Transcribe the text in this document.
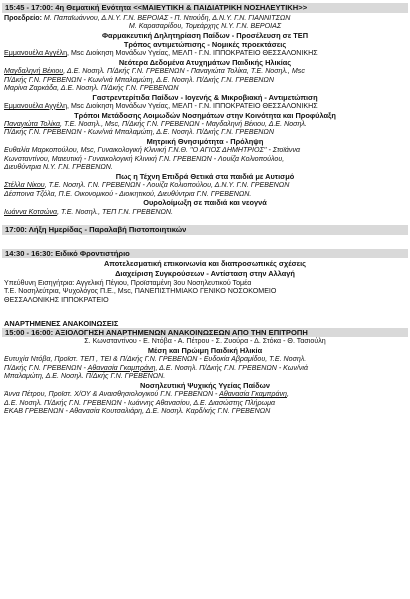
15:45 - 17:00: 4η Θεματική Ενότητα <<ΜΑΙΕΥΤΙΚΗ & ΠΑΙΔΙΑΤΡΙΚΗ ΝΟΣΗΛΕΥΤΙΚΗ>>
Προεδρείο: Μ. Παπαϊωάννου, Δ.Ν.Υ. Γ.Ν. ΒΕΡΟΙΑΣ - Π. Ντιούδη, Δ.Ν.Υ. Γ.Ν. ΓΙΑΝΝΙΤΣΩΝ
Μ. Καρασαρίδου, Τομεάρχης Ν.Υ. Γ.Ν. ΒΕΡΟΙΑΣ
Φαρμακευτική Δηλητηρίαση Παίδων - Προσέλευση σε ΤΕΠ
Τρόπος αντιμετώπισης - Νομικές προεκτάσεις
Εμμανουέλα Αγγέλη, Msc Διοίκηση Μονάδων Υγείας, ΜΕΛΠ - Γ.Ν. ΙΠΠΟΚΡΑΤΕΙΟ ΘΕΣΣΑΛΟΝΙΚΗΣ
Νεότερα Δεδομένα Ατυχημάτων Παιδικής Ηλικίας
Μαγδαληνή Βέκιου, Δ.Ε. Νοσηλ. Π/Δκής Γ.Ν. ΓΡΕΒΕΝΩΝ - Παναγιώτα Τολίκα, Τ.Ε. Νοσηλ., Msc
Π/Δκής Γ.Ν. ΓΡΕΒΕΝΩΝ - Κων/νιά Μπαλαμώτη, Δ.Ε. Νοσηλ. Π/Δκής Γ.Ν. ΓΡΕΒΕΝΩΝ
Μαρίνα Ζαρκάδα, Δ.Ε. Νοσηλ. Π/Δκής Γ.Ν. ΓΡΕΒΕΝΩΝ
Γαστρεντερίτιδα Παίδων - Ιογενής & Μικροβιακή - Αντιμετώπιση
Εμμανουέλα Αγγέλη, Msc Διοίκηση Μονάδων Υγείας, ΜΕΛΠ - Γ.Ν. ΙΠΠΟΚΡΑΤΕΙΟ ΘΕΣΣΑΛΟΝΙΚΗΣ
Τρόποι Μετάδοσης Λοιμωδών Νοσημάτων στην Κοινότητα και Προφύλαξη
Παναγιώτα Τολίκα, Τ.Ε. Νοσηλ., Msc, Π/Δκής Γ.Ν. ΓΡΕΒΕΝΩΝ - Μαγδαληνή Βέκιου, Δ.Ε. Νοσηλ.
Π/Δκής Γ.Ν. ΓΡΕΒΕΝΩΝ - Κων/νιά Μπαλαμώτη, Δ.Ε. Νοσηλ. Π/Δκής Γ.Ν. ΓΡΕΒΕΝΩΝ
Μητρική Θνησιμότητα - Πρόληψη
Ευθαλία Μαρκοπούλου, Msc, Γυναικολογική Κλινική Γ.Ν.Θ. ''Ο ΑΓΙΟΣ ΔΗΜΗΤΡΙΟΣ'' - Στοϊάννα
Κωνσταντίνου, Μαιευτική - Γυναικολογική Κλινική Γ.Ν. ΓΡΕΒΕΝΩΝ - Λουίζα Κολιοπούλου,
Διευθύντρια Ν.Υ. Γ.Ν. ΓΡΕΒΕΝΩΝ.
Πως η Τέχνη Επιδρά Θετικά στα παιδιά με Αυτισμό
Στέλλα Νίκου, Τ.Ε. Νοσηλ. Γ.Ν. ΓΡΕΒΕΝΩΝ - Λουίζα Κολιοπούλου, Δ.Ν.Υ. Γ.Ν. ΓΡΕΒΕΝΩΝ
Δέσποινα Τζόλα, Π.Ε. Οικονομικού - Διοικητικού, Διευθύντρια Γ.Ν. ΓΡΕΒΕΝΩΝ.
Ουρολοίμωξη σε παιδιά και νεογνά
Ιωάννα Κοτσώνα, Τ.Ε. Νοσηλ., ΤΕΠ Γ.Ν. ΓΡΕΒΕΝΩΝ.
17:00: Λήξη Ημερίδας - Παραλαβή Πιστοποιητικών
14:30 - 16:30: Ειδικό Φροντιστήριο
Αποτελεσματική επικοινωνία και διαπροσωπικές σχέσεις
Διαχείριση Συγκρούσεων - Αντίσταση στην Αλλαγή
Υπεύθυνη Εισηγήτρια: Αγγελική Πέγιου, Προϊσταμένη 3ου Νοσηλευτικού Τομέα
Τ.Ε. Νοσηλεύτρια, Ψυχολόγος Π.Ε., Msc, ΠΑΝΕΠΙΣΤΗΜΙΑΚΟ ΓΕΝΙΚΟ ΝΟΣΟΚΟΜΕΙΟ
ΘΕΣΣΑΛΟΝΙΚΗΣ ΙΠΠΟΚΡΑΤΕΙΟ
ΑΝΑΡΤΗΜΕΝΕΣ ΑΝΑΚΟΙΝΩΣΕΙΣ
15:00 - 16:00: ΑΞΙΟΛΟΓΗΣΗ ΑΝΑΡΤΗΜΕΝΩΝ ΑΝΑΚΟΙΝΩΣΕΩΝ ΑΠΟ ΤΗΝ ΕΠΙΤΡΟΠΗ
Σ. Κωνσταντίνου - Ε. Ντόβα - Α. Πέτρου - Σ. Ζυούρα - Δ. Στόκα - Θ. Τασιούλη
Μέση και Πρώιμη Παιδική Ηλικία
Ευτυχία Ντόβα, Προϊστ. ΤΕΠ , ΤΕΙ & Π/Δκής Γ.Ν. ΓΡΕΒΕΝΩΝ - Ευδοκία Αβραμίδου, Τ.Ε. Νοσηλ.
Π/Δκής Γ.Ν. ΓΡΕΒΕΝΩΝ - Αθανασία Γκαμπράνη, Δ.Ε. Νοσηλ. Π/Δκής Γ.Ν. ΓΡΕΒΕΝΩΝ - Κων/νιά
Μπαλαμώτη, Δ.Ε. Νοσηλ. Π/Δκής Γ.Ν. ΓΡΕΒΕΝΩΝ.
Νοσηλευτική Ψυχικής Υγείας Παίδων
Άννα Πέτρου, Προϊστ. Χ/ΟΥ & Αναισθησιολογικού Γ.Ν. ΓΡΕΒΕΝΩΝ - Αθανασία Γκαμπράνη,
Δ.Ε. Νοσηλ. Π/Δκής Γ.Ν. ΓΡΕΒΕΝΩΝ - Ιωάννης Αθανασίου, Δ.Ε. Διασώστης Πλήρωμα
ΕΚΑΒ ΓΡΕΒΕΝΩΝ - Αθανασία Κουτσαλιάρη, Δ.Ε. Νοσηλ. Καρδ/κής Γ.Ν. ΓΡΕΒΕΝΩΝ
